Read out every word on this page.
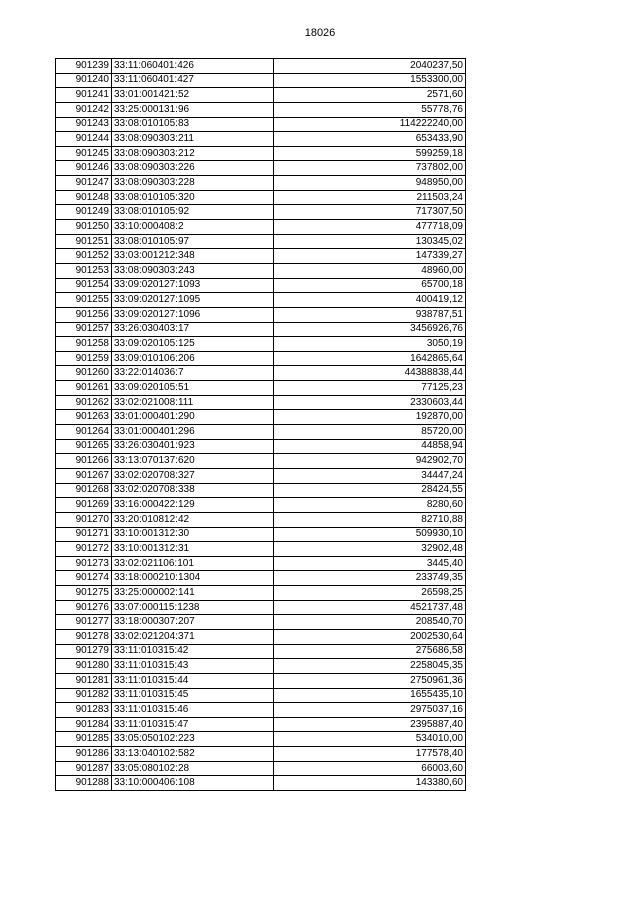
18026
901239	33:11:060401:426	2040237,50
901240	33:11:060401:427	1553300,00
901241	33:01:001421:52	2571,60
901242	33:25:000131:96	55778,76
901243	33:08:010105:83	114222240,00
901244	33:08:090303:211	653433,90
901245	33:08:090303:212	599259,18
901246	33:08:090303:226	737802,00
901247	33:08:090303:228	948950,00
901248	33:08:010105:320	211503,24
901249	33:08:010105:92	717307,50
901250	33:10:000408:2	477718,09
901251	33:08:010105:97	130345,02
901252	33:03:001212:348	147339,27
901253	33:08:090303:243	48960,00
901254	33:09:020127:1093	65700,18
901255	33:09:020127:1095	400419,12
901256	33:09:020127:1096	938787,51
901257	33:26:030403:17	3456926,76
901258	33:09:020105:125	3050,19
901259	33:09:010106:206	1642865,64
901260	33:22:014036:7	44388838,44
901261	33:09:020105:51	77125,23
901262	33:02:021008:111	2330603,44
901263	33:01:000401:290	192870,00
901264	33:01:000401:296	85720,00
901265	33:26:030401:923	44858,94
901266	33:13:070137:620	942902,70
901267	33:02:020708:327	34447,24
901268	33:02:020708:338	28424,55
901269	33:16:000422:129	8280,60
901270	33:20:010812:42	82710,88
901271	33:10:001312:30	509930,10
901272	33:10:001312:31	32902,48
901273	33:02:021106:101	3445,40
901274	33:18:000210:1304	233749,35
901275	33:25:000002:141	26598,25
901276	33:07:000115:1238	4521737,48
901277	33:18:000307:207	208540,70
901278	33:02:021204:371	2002530,64
901279	33:11:010315:42	275686,58
901280	33:11:010315:43	2258045,35
901281	33:11:010315:44	2750961,36
901282	33:11:010315:45	1655435,10
901283	33:11:010315:46	2975037,16
901284	33:11:010315:47	2395887,40
901285	33:05:050102:223	534010,00
901286	33:13:040102:582	177578,40
901287	33:05:080102:28	66003,60
901288	33:10:000406:108	143380,60
